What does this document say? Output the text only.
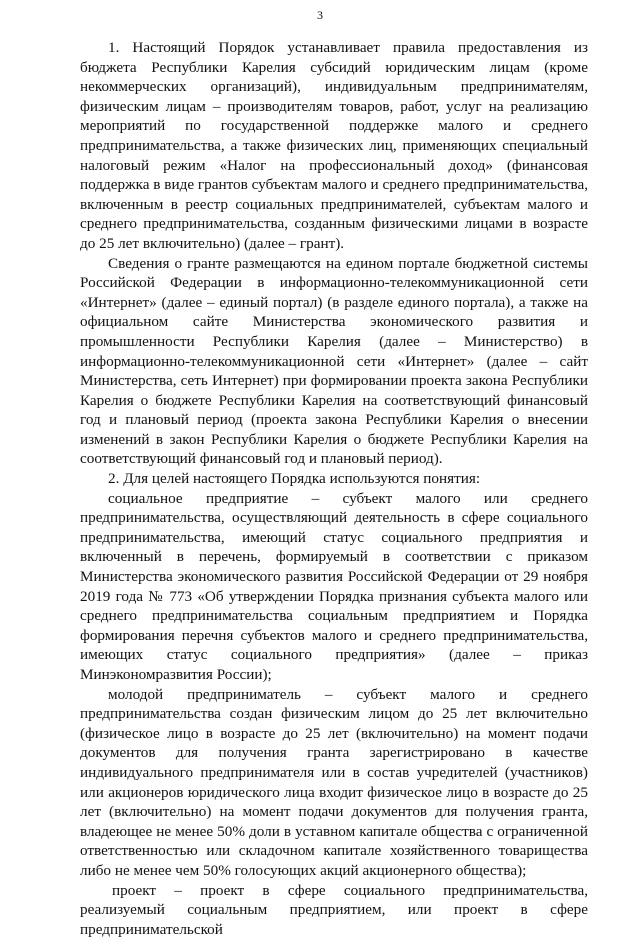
3

1. Настоящий Порядок устанавливает правила предоставления из бюджета Республики Карелия субсидий юридическим лицам (кроме некоммерческих организаций), индивидуальным предпринимателям, физическим лицам – производителям товаров, работ, услуг на реализацию мероприятий по государственной поддержке малого и среднего предпринимательства, а также физических лиц, применяющих специальный налоговый режим «Налог на профессиональный доход» (финансовая поддержка в виде грантов субъектам малого и среднего предпринимательства, включенным в реестр социальных предпринимателей, субъектам малого и среднего предпринимательства, созданным физическими лицами в возрасте до 25 лет включительно) (далее – грант).

Сведения о гранте размещаются на едином портале бюджетной системы Российской Федерации в информационно-телекоммуникационной сети «Интернет» (далее – единый портал) (в разделе единого портала), а также на официальном сайте Министерства экономического развития и промышленности Республики Карелия (далее – Министерство) в информационно-телекоммуникационной сети «Интернет» (далее – сайт Министерства, сеть Интернет) при формировании проекта закона Республики Карелия о бюджете Республики Карелия на соответствующий финансовый год и плановый период (проекта закона Республики Карелия о внесении изменений в закон Республики Карелия о бюджете Республики Карелия на соответствующий финансовый год и плановый период).

2. Для целей настоящего Порядка используются понятия:

социальное предприятие – субъект малого или среднего предпринимательства, осуществляющий деятельность в сфере социального предпринимательства, имеющий статус социального предприятия и включенный в перечень, формируемый в соответствии с приказом Министерства экономического развития Российской Федерации от 29 ноября 2019 года № 773 «Об утверждении Порядка признания субъекта малого или среднего предпринимательства социальным предприятием и Порядка формирования перечня субъектов малого и среднего предпринимательства, имеющих статус социального предприятия» (далее – приказ Минэкономразвития России);

молодой предприниматель – субъект малого и среднего предпринимательства создан физическим лицом до 25 лет включительно (физическое лицо в возрасте до 25 лет (включительно) на момент подачи документов для получения гранта зарегистрировано в качестве индивидуального предпринимателя или в состав учредителей (участников) или акционеров юридического лица входит физическое лицо в возрасте до 25 лет (включительно) на момент подачи документов для получения гранта, владеющее не менее 50% доли в уставном капитале общества с ограниченной ответственностью или складочном капитале хозяйственного товарищества либо не менее чем 50% голосующих акций акционерного общества);

проект – проект в сфере социального предпринимательства, реализуемый социальным предприятием, или проект в сфере предпринимательской
